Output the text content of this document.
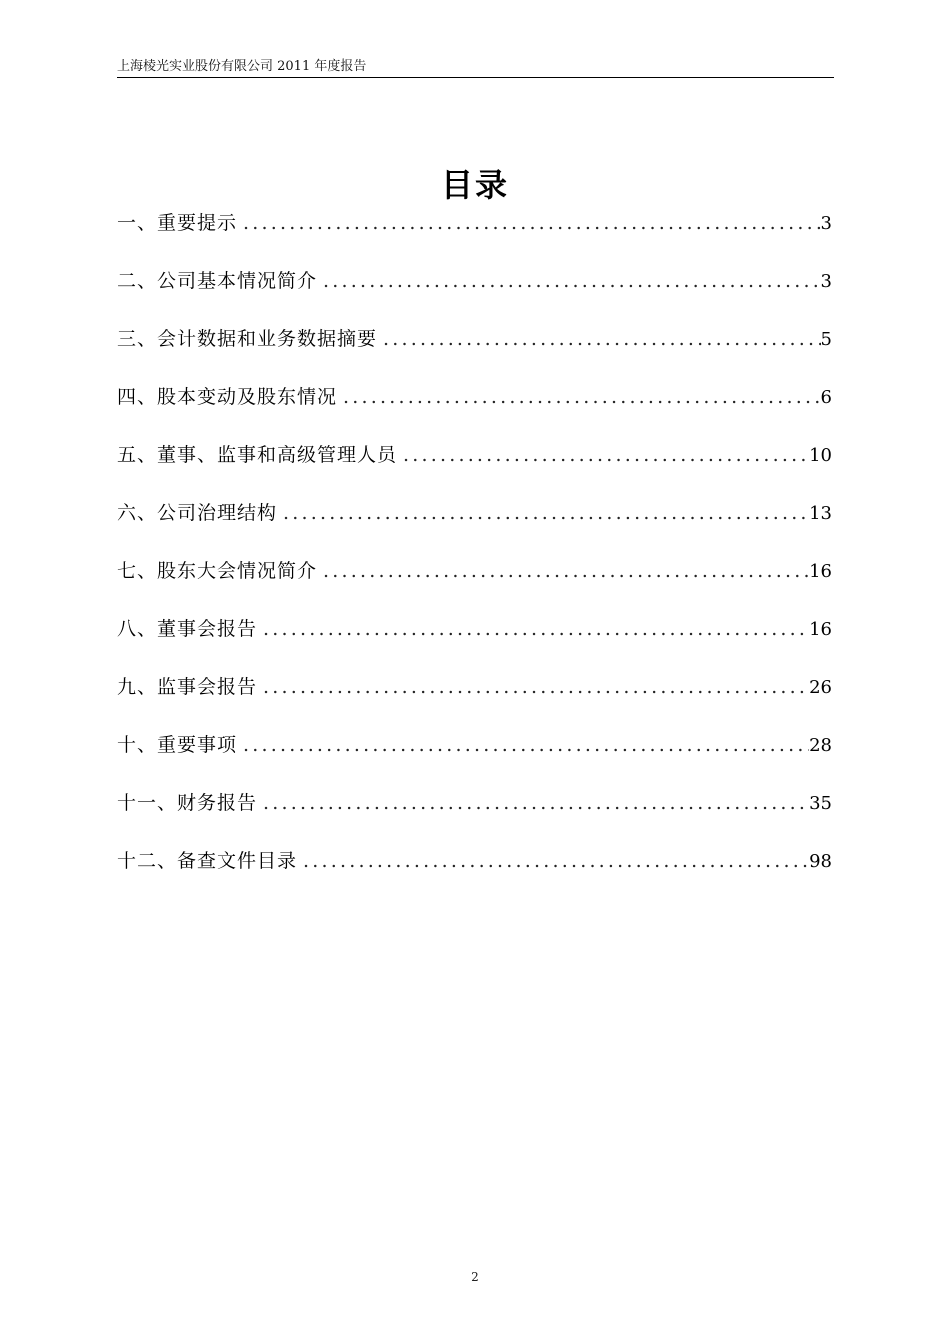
上海棱光实业股份有限公司 2011 年度报告
目录
一、重要提示 .....	3
二、公司基本情况简介 .....	3
三、会计数据和业务数据摘要 .....	5
四、股本变动及股东情况 .....	6
五、董事、监事和高级管理人员 .....	10
六、公司治理结构 .....	13
七、股东大会情况简介 .....	16
八、董事会报告 .....	16
九、监事会报告 .....	26
十、重要事项 .....	28
十一、财务报告 .....	35
十二、备查文件目录 .....	98
2
